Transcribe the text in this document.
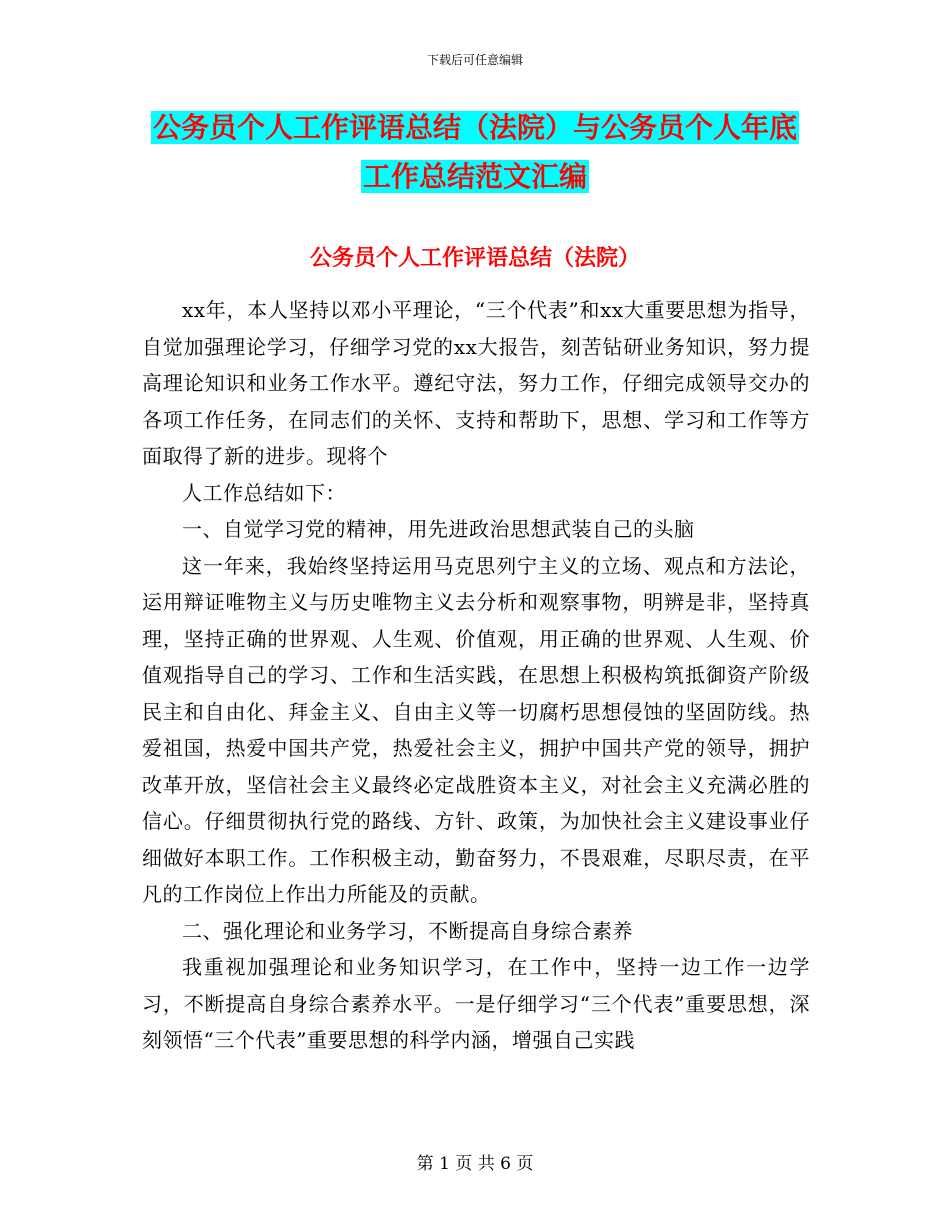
下载后可任意编辑
公务员个人工作评语总结（法院）与公务员个人年底
工作总结范文汇编
公务员个人工作评语总结（法院）

xx年，本人坚持以邓小平理论，“三个代表”和xx大重要思想为指导，自觉加强理论学习，仔细学习党的xx大报告，刻苦钻研业务知识，努力提高理论知识和业务工作水平。遵纪守法，努力工作，仔细完成领导交办的各项工作任务，在同志们的关怀、支持和帮助下，思想、学习和工作等方面取得了新的进步。现将个

人工作总结如下：

一、自觉学习党的精神，用先进政治思想武装自己的头脑

这一年来，我始终坚持运用马克思列宁主义的立场、观点和方法论，运用辩证唯物主义与历史唯物主义去分析和观察事物，明辨是非，坚持真理，坚持正确的世界观、人生观、价值观，用正确的世界观、人生观、价值观指导自己的学习、工作和生活实践，在思想上积极构筑抵御资产阶级民主和自由化、拜金主义、自由主义等一切腐朽思想侵蚀的坚固防线。热爱祖国，热爱中国共产党，热爱社会主义，拥护中国共产党的领导，拥护改革开放，坚信社会主义最终必定战胜资本主义，对社会主义充满必胜的信心。仔细贯彻执行党的路线、方针、政策，为加快社会主义建设事业仔细做好本职工作。工作积极主动，勤奋努力，不畏艰难，尽职尽责，在平凡的工作岗位上作出力所能及的贡献。

二、强化理论和业务学习，不断提高自身综合素养

我重视加强理论和业务知识学习，在工作中，坚持一边工作一边学习，不断提高自身综合素养水平。一是仔细学习“三个代表”重要思想，深刻领悟“三个代表”重要思想的科学内涵，增强自己实践

第 1 页 共 6 页
